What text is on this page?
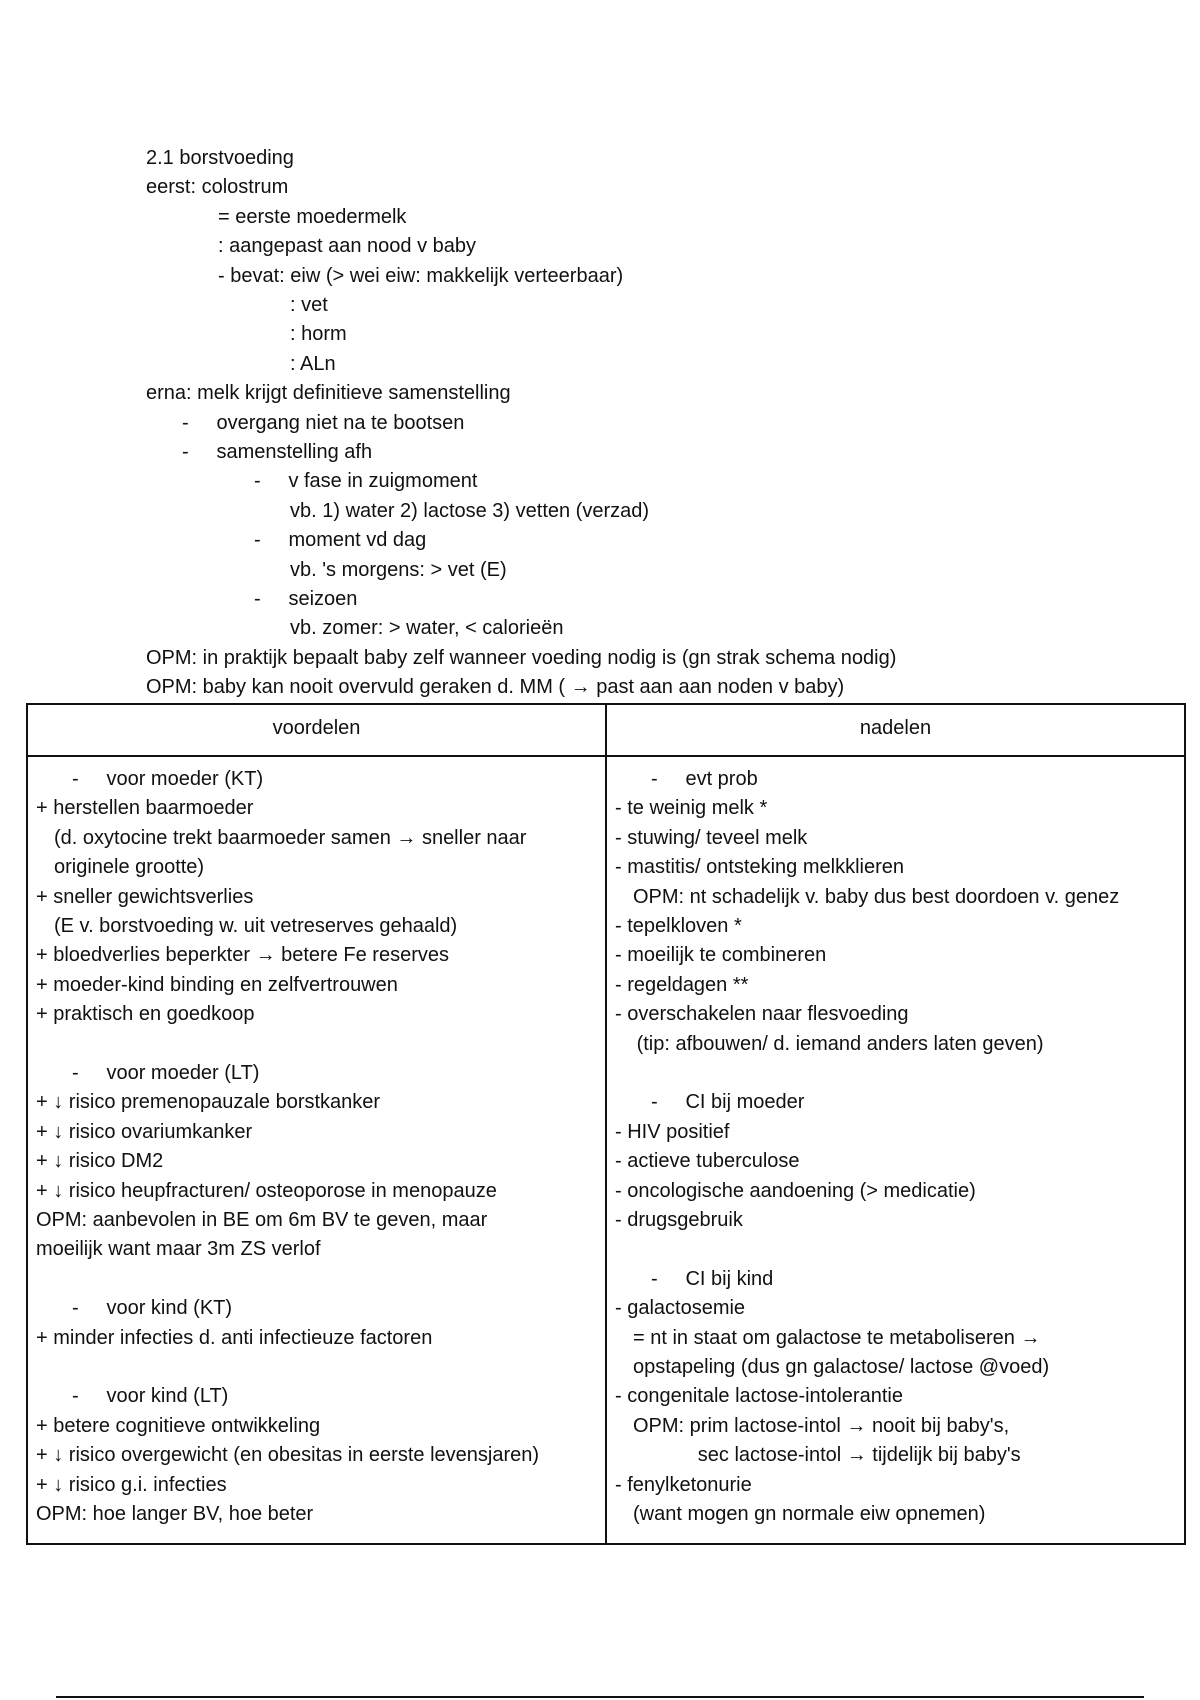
2.1 borstvoeding
eerst: colostrum
= eerste moedermelk
: aangepast aan nood v baby
- bevat: eiw (> wei eiw: makkelijk verteerbaar)
: vet
: horm
: ALn
erna: melk krijgt definitieve samenstelling
-     overgang niet na te bootsen
-     samenstelling afh
-     v fase in zuigmoment
vb. 1) water 2) lactose 3) vetten (verzad)
-     moment vd dag
vb. 's morgens: > vet (E)
-     seizoen
vb. zomer: > water, < calorieën
OPM: in praktijk bepaalt baby zelf wanneer voeding nodig is (gn strak schema nodig)
OPM: baby kan nooit overvuld geraken d. MM ( → past aan aan noden v baby)
voordelen	nadelen
-     voor moeder (KT)
+ herstellen baarmoeder
(d. oxytocine trekt baarmoeder samen → sneller naar
originele grootte)
+ sneller gewichtsverlies
(E v. borstvoeding w. uit vetreserves gehaald)
+ bloedverlies beperkter → betere Fe reserves
+ moeder-kind binding en zelfvertrouwen
+ praktisch en goedkoop
-     voor moeder (LT)
+ ↓ risico premenopauzale borstkanker
+ ↓ risico ovariumkanker
+ ↓ risico DM2
+ ↓ risico heupfracturen/ osteoporose in menopauze
OPM: aanbevolen in BE om 6m BV te geven, maar
moeilijk want maar 3m ZS verlof
-     voor kind (KT)
+ minder infecties d. anti infectieuze factoren
-     voor kind (LT)
+ betere cognitieve ontwikkeling
+ ↓ risico overgewicht (en obesitas in eerste levensjaren)
+ ↓ risico g.i. infecties
OPM: hoe langer BV, hoe beter
-     evt prob
- te weinig melk *
- stuwing/ teveel melk
- mastitis/ ontsteking melkklieren
OPM: nt schadelijk v. baby dus best doordoen v. genez
- tepelkloven *
- moeilijk te combineren
- regeldagen **
- overschakelen naar flesvoeding
(tip: afbouwen/ d. iemand anders laten geven)
-     CI bij moeder
- HIV positief
- actieve tuberculose
- oncologische aandoening (> medicatie)
- drugsgebruik
-     CI bij kind
- galactosemie
= nt in staat om galactose te metaboliseren →
opstapeling (dus gn galactose/ lactose @voed)
- congenitale lactose-intolerantie
OPM: prim lactose-intol → nooit bij baby's,
sec lactose-intol → tijdelijk bij baby's
- fenylketonurie
(want mogen gn normale eiw opnemen)
